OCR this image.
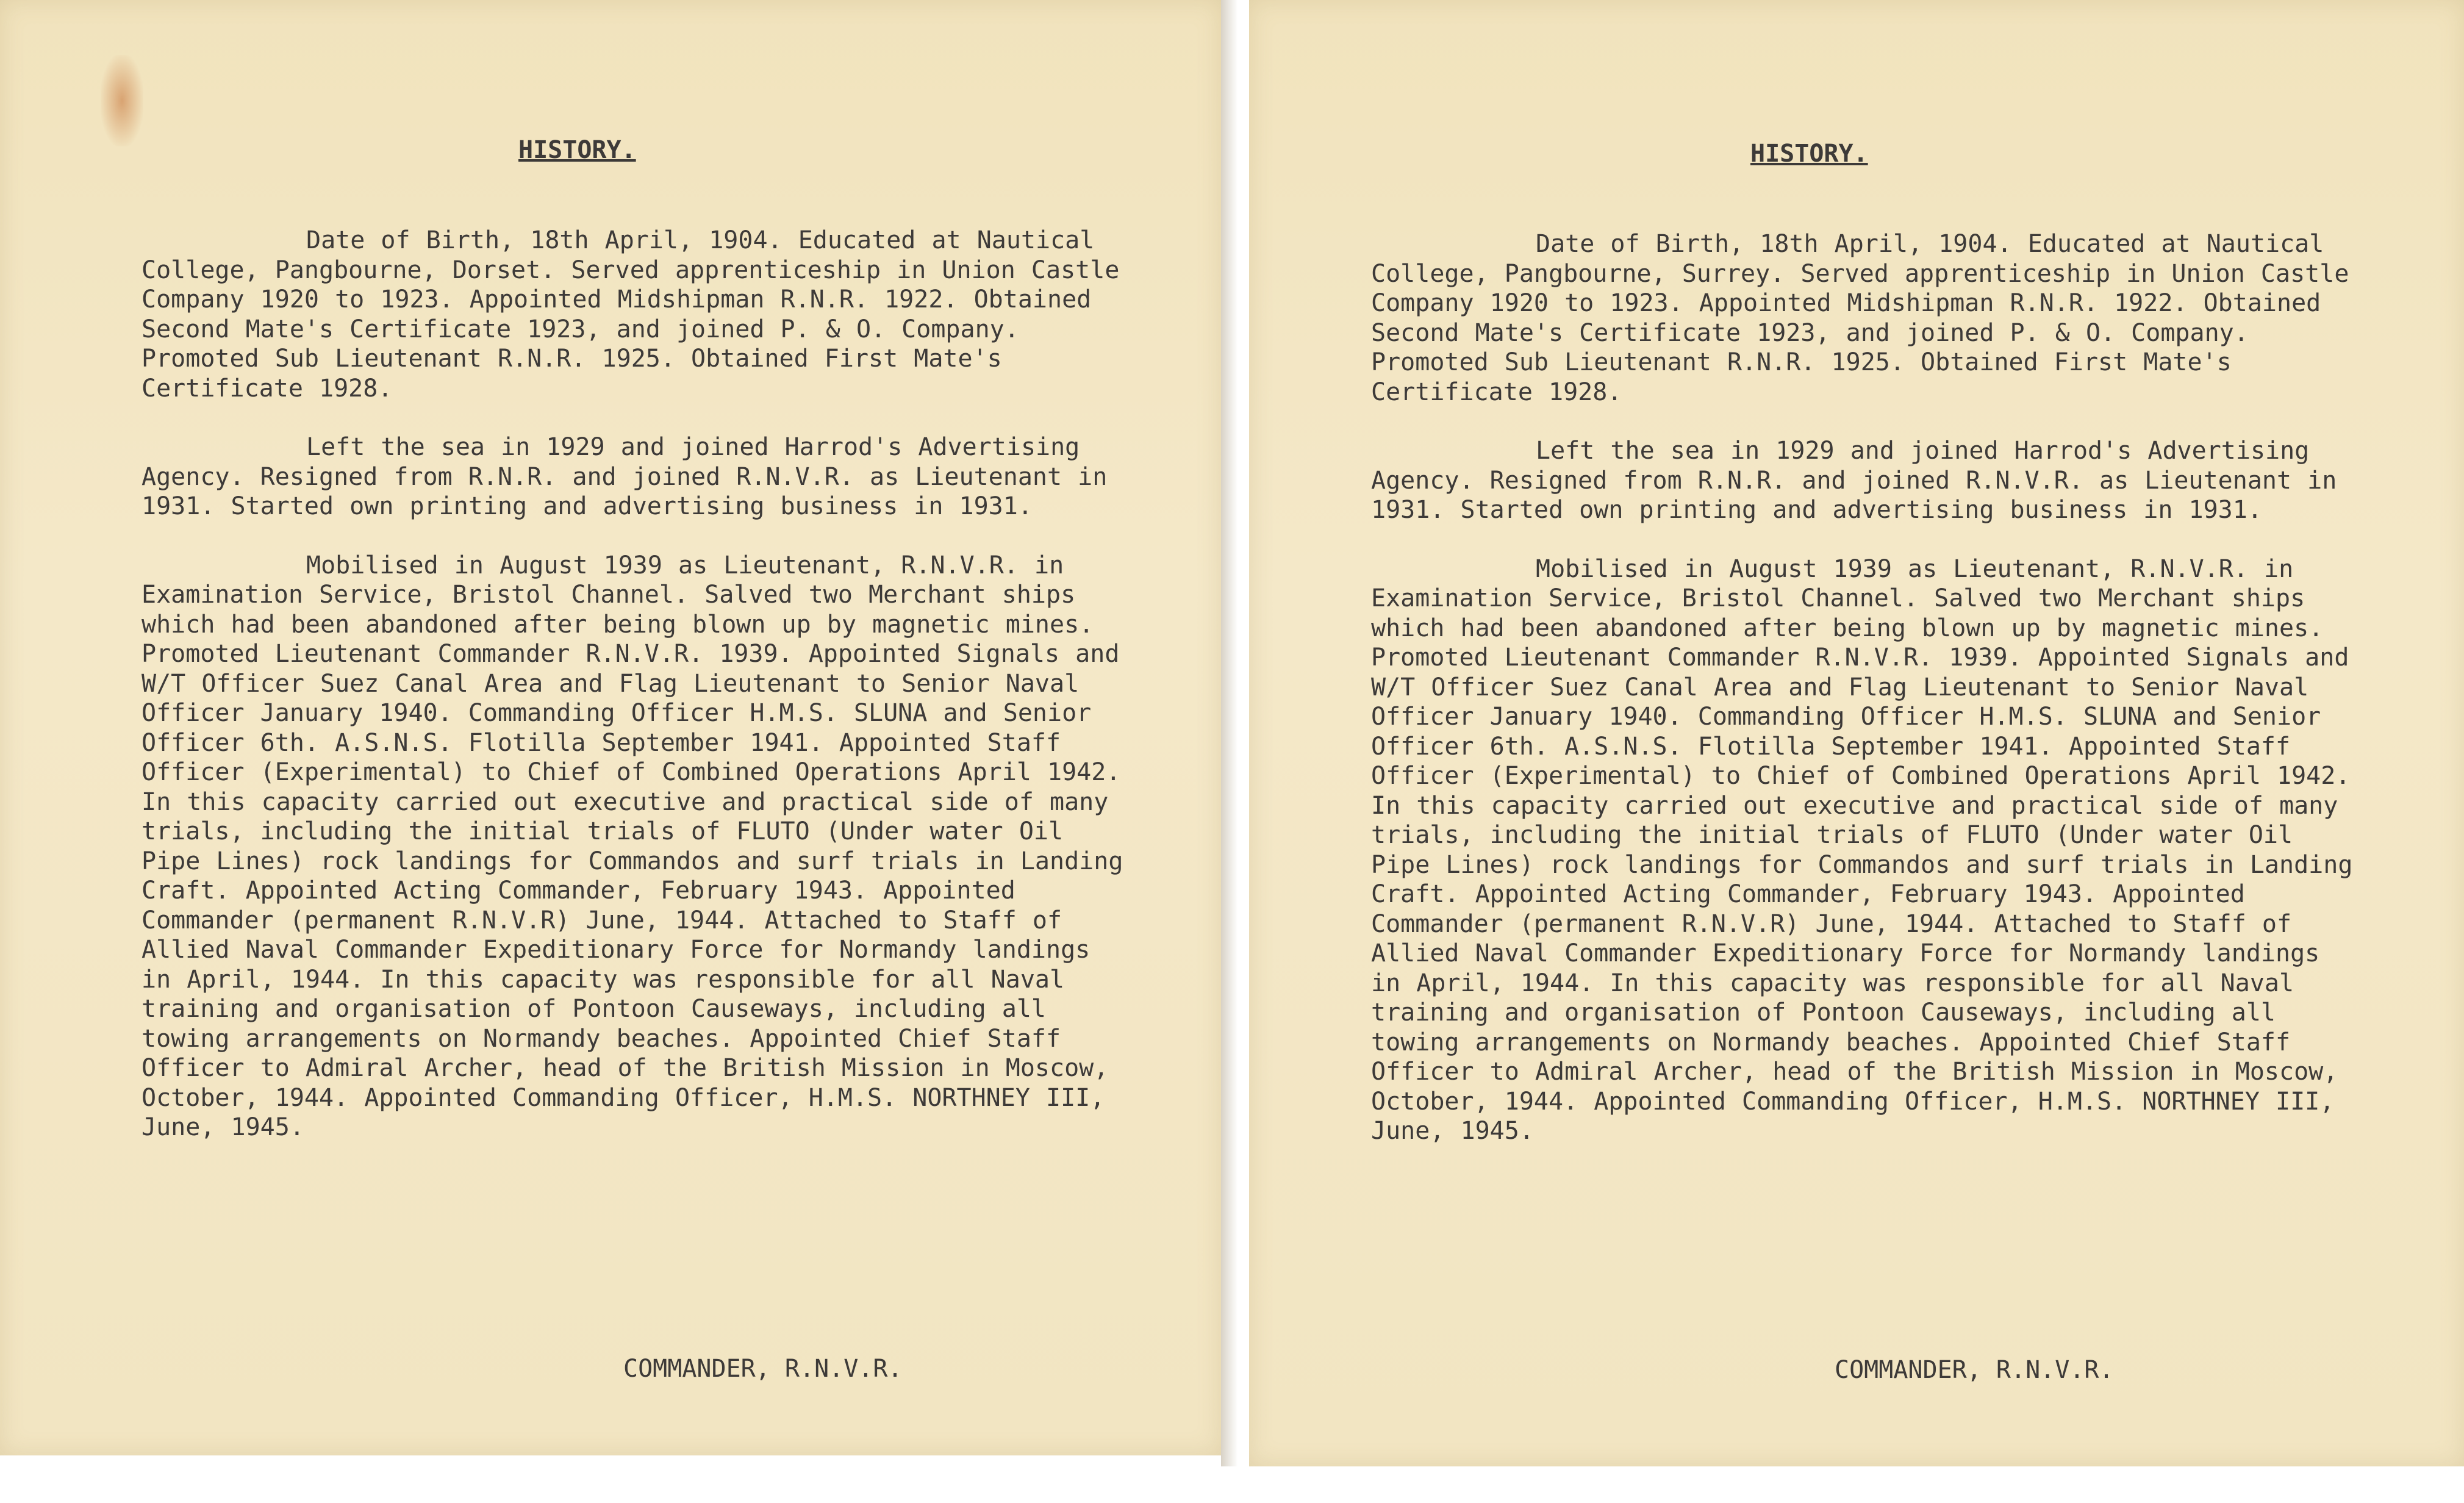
HISTORY.

Date of Birth, 18th April, 1904. Educated at Nautical College, Pangbourne, Dorset. Served apprenticeship in Union Castle Company 1920 to 1923. Appointed Midshipman R.N.R. 1922. Obtained Second Mate's Certificate 1923, and joined P. & O. Company. Promoted Sub Lieutenant R.N.R. 1925. Obtained First Mate's Certificate 1928.

Left the sea in 1929 and joined Harrod's Advertising Agency. Resigned from R.N.R. and joined R.N.V.R. as Lieutenant in 1931. Started own printing and advertising business in 1931.

Mobilised in August 1939 as Lieutenant, R.N.V.R. in Examination Service, Bristol Channel. Salved two Merchant ships which had been abandoned after being blown up by magnetic mines. Promoted Lieutenant Commander R.N.V.R. 1939. Appointed Signals and W/T Officer Suez Canal Area and Flag Lieutenant to Senior Naval Officer January 1940. Commanding Officer H.M.S. SLUNA and Senior Officer 6th. A.S.N.S. Flotilla September 1941. Appointed Staff Officer (Experimental) to Chief of Combined Operations April 1942. In this capacity carried out executive and practical side of many trials, including the initial trials of FLUTO (Under water Oil Pipe Lines) rock landings for Commandos and surf trials in Landing Craft. Appointed Acting Commander, February 1943. Appointed Commander (permanent R.N.V.R) June, 1944. Attached to Staff of Allied Naval Commander Expeditionary Force for Normandy landings in April, 1944. In this capacity was responsible for all Naval training and organisation of Pontoon Causeways, including all towing arrangements on Normandy beaches. Appointed Chief Staff Officer to Admiral Archer, head of the British Mission in Moscow, October, 1944. Appointed Commanding Officer, H.M.S. NORTHNEY III, June, 1945.

COMMANDER, R.N.V.R.
HISTORY.

Date of Birth, 18th April, 1904. Educated at Nautical College, Pangbourne, Surrey. Served apprenticeship in Union Castle Company 1920 to 1923. Appointed Midshipman R.N.R. 1922. Obtained Second Mate's Certificate 1923, and joined P. & O. Company. Promoted Sub Lieutenant R.N.R. 1925. Obtained First Mate's Certificate 1928.

Left the sea in 1929 and joined Harrod's Advertising Agency. Resigned from R.N.R. and joined R.N.V.R. as Lieutenant in 1931. Started own printing and advertising business in 1931.

Mobilised in August 1939 as Lieutenant, R.N.V.R. in Examination Service, Bristol Channel. Salved two Merchant ships which had been abandoned after being blown up by magnetic mines. Promoted Lieutenant Commander R.N.V.R. 1939. Appointed Signals and W/T Officer Suez Canal Area and Flag Lieutenant to Senior Naval Officer January 1940. Commanding Officer H.M.S. SLUNA and Senior Officer 6th. A.S.N.S. Flotilla September 1941. Appointed Staff Officer (Experimental) to Chief of Combined Operations April 1942. In this capacity carried out executive and practical side of many trials, including the initial trials of FLUTO (Under water Oil Pipe Lines) rock landings for Commandos and surf trials in Landing Craft. Appointed Acting Commander, February 1943. Appointed Commander (permanent R.N.V.R) June, 1944. Attached to Staff of Allied Naval Commander Expeditionary Force for Normandy landings in April, 1944. In this capacity was responsible for all Naval training and organisation of Pontoon Causeways, including all towing arrangements on Normandy beaches. Appointed Chief Staff Officer to Admiral Archer, head of the British Mission in Moscow, October, 1944. Appointed Commanding Officer, H.M.S. NORTHNEY III, June, 1945.

COMMANDER, R.N.V.R.
